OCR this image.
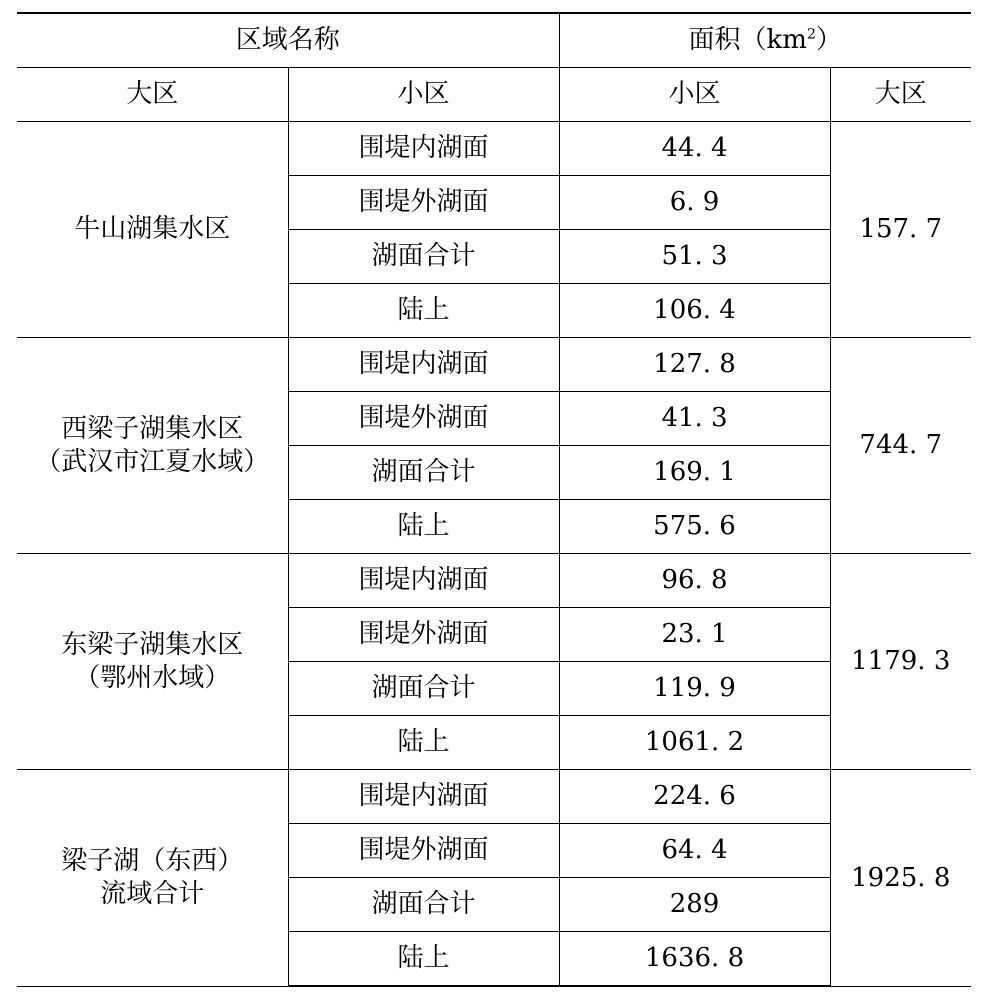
区域名称		面积$(km^2)$	
大区	小区	小区	大区

牛山湖集水区	围堤内湖面	44. 4	157. 7
	围堤外湖面	6. 9	
	湖面合计	51. 3	
	陆上	106. 4	

西梁子湖集水区
（武汉市江夏水域）	围堤内湖面	127. 8	744. 7
	围堤外湖面	41. 3	
	湖面合计	169. 1	
	陆上	575. 6	

东梁子湖集水区
（鄂州水域）	围堤内湖面	96. 8	1179. 3
	围堤外湖面	23. 1	
	湖面合计	119. 9	
	陆上	1061. 2	

梁子湖（东西）
流域合计	围堤内湖面	224. 6	1925. 8
	围堤外湖面	64. 4	
	湖面合计	289	
	陆上	1636. 8	
